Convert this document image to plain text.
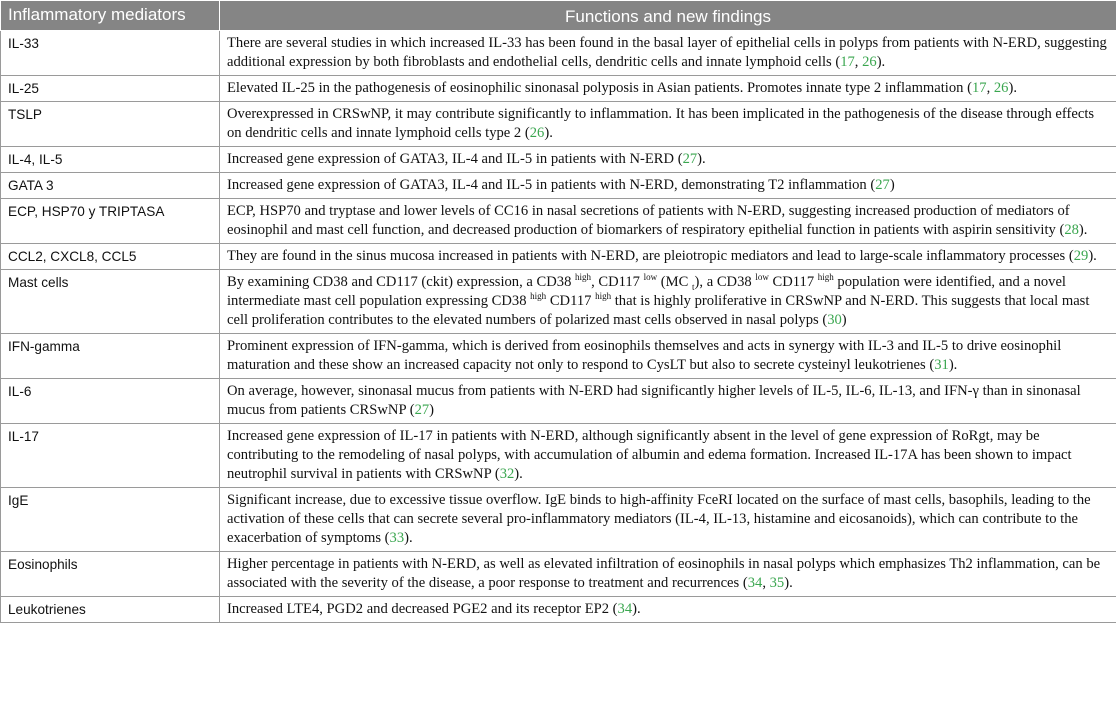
Inflammatory mediators	Functions and new findings
IL-33	There are several studies in which increased IL-33 has been found in the basal layer of epithelial cells in polyps from patients with N-ERD, suggesting additional expression by both fibroblasts and endothelial cells, dendritic cells and innate lymphoid cells (17, 26).
IL-25	Elevated IL-25 in the pathogenesis of eosinophilic sinonasal polyposis in Asian patients. Promotes innate type 2 inflammation (17, 26).
TSLP	Overexpressed in CRSwNP, it may contribute significantly to inflammation. It has been implicated in the pathogenesis of the disease through effects on dendritic cells and innate lymphoid cells type 2 (26).
IL-4, IL-5	Increased gene expression of GATA3, IL-4 and IL-5 in patients with N-ERD (27).
GATA 3	Increased gene expression of GATA3, IL-4 and IL-5 in patients with N-ERD, demonstrating T2 inflammation (27)
ECP, HSP70 y TRIPTASA	ECP, HSP70 and tryptase and lower levels of CC16 in nasal secretions of patients with N-ERD, suggesting increased production of mediators of eosinophil and mast cell function, and decreased production of biomarkers of respiratory epithelial function in patients with aspirin sensitivity (28).
CCL2, CXCL8, CCL5	They are found in the sinus mucosa increased in patients with N-ERD, are pleiotropic mediators and lead to large-scale inflammatory processes (29).
Mast cells	By examining CD38 and CD117 (ckit) expression, a CD38 $^{high}$, CD117 $^{low}$ (MC $_t$), a CD38 $^{low}$ CD117 $^{high}$ population were identified, and a novel intermediate mast cell population expressing CD38 $^{high}$ CD117 $^{high}$ that is highly proliferative in CRSwNP and N-ERD. This suggests that local mast cell proliferation contributes to the elevated numbers of polarized mast cells observed in nasal polyps (30)
IFN-gamma	Prominent expression of IFN-gamma, which is derived from eosinophils themselves and acts in synergy with IL-3 and IL-5 to drive eosinophil maturation and these show an increased capacity not only to respond to CysLT but also to secrete cysteinyl leukotrienes (31).
IL-6	On average, however, sinonasal mucus from patients with N-ERD had significantly higher levels of IL-5, IL-6, IL-13, and IFN-γ than in sinonasal mucus from patients CRSwNP (27)
IL-17	Increased gene expression of IL-17 in patients with N-ERD, although significantly absent in the level of gene expression of RoRgt, may be contributing to the remodeling of nasal polyps, with accumulation of albumin and edema formation. Increased IL-17A has been shown to impact neutrophil survival in patients with CRSwNP (32).
IgE	Significant increase, due to excessive tissue overflow. IgE binds to high-affinity FceRI located on the surface of mast cells, basophils, leading to the activation of these cells that can secrete several pro-inflammatory mediators (IL-4, IL-13, histamine and eicosanoids), which can contribute to the exacerbation of symptoms (33).
Eosinophils	Higher percentage in patients with N-ERD, as well as elevated infiltration of eosinophils in nasal polyps which emphasizes Th2 inflammation, can be associated with the severity of the disease, a poor response to treatment and recurrences (34, 35).
Leukotrienes	Increased LTE4, PGD2 and decreased PGE2 and its receptor EP2 (34).
